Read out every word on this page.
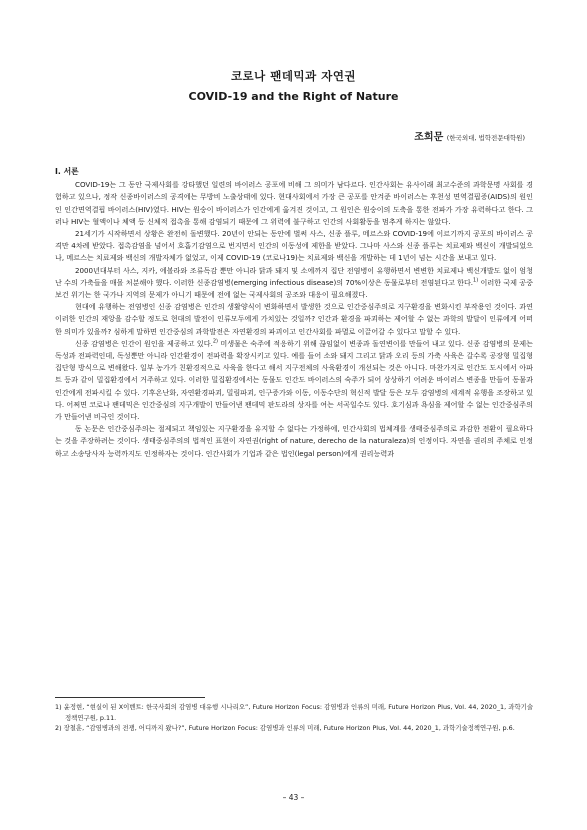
코로나 팬데믹과 자연권
COVID-19 and the Right of Nature
조희문 (한국외대, 법학전문대학원)
I. 서론

COVID-19는 그 동안 국제사회를 강타했던 일련의 바이러스 공포에 비해 그 의미가 남다르다. 인간사회는 유사이래 최고수준의 과학문명 사회를 경험하고 있으나, 정작 신종바이러스의 공격에는 무방비 노출상태에 있다. 현대사회에서 가장 큰 공포를 안겨준 바이러스는 후천성 면역결핍증(AIDS)의 원인인 인간면역결핍 바이러스(HIV)였다. HIV는 원숭이 바이러스가 인간에게 옮겨진 것이고, 그 원인은 원숭이의 도축을 통한 전파가 가장 유력하다고 한다. 그러나 HIV는 혈액이나 체액 등 신체적 접촉을 통해 감염되기 때문에 그 위력에 불구하고 인간의 사회활동을 멈추게 하지는 않았다.

21세기가 시작하면서 상황은 완전히 돌변했다. 20년이 안되는 동안에 벌써 사스, 신종 플루, 메르스와 COVID-19에 이르기까지 공포의 바이러스 공격만 4차례 받았다. 접촉감염을 넘어서 호흡기감염으로 번지면서 인간의 이동성에 제한을 받았다. 그나마 사스와 신종 플루는 치료제와 백신이 개발되었으나, 메르스는 치료제와 백신의 개발자체가 없었고, 이제 COVID-19 (코로나19)는 치료제와 백신을 개발하는 데 1년이 넘는 시간을 보내고 있다.

2000년대부터 사스, 지카, 에볼라와 조류독감 뿐만 아니라 닭과 돼지 및 소에까지 집단 전염병이 유행하면서 변변한 치료제나 백신개발도 없이 엄청난 수의 가축들을 매몰 처분해야 했다. 이러한 신종감염병(emerging infectious disease)의 70%이상은 동물로부터 전염된다고 한다.$^{1)}$ 이러한 국제 공중보건 위기는 한 국가나 지역의 문제가 아니기 때문에 전에 없는 국제사회의 공조와 대응이 필요해졌다.

현대에 유행하는 전염병인 신종 감염병은 인간의 생활양식이 변화하면서 발생한 것으로 인간중심주의로 지구환경을 변화시킨 부작용인 것이다. 과연 이러한 인간의 재앙을 감수할 정도로 현대의 발전이 인류모두에게 가치있는 것일까? 인간과 환경을 파괴하는 제어할 수 없는 과학의 발달이 인류에게 어떠한 의미가 있을까? 심하게 말하면 인간중심의 과학발전은 자연환경의 파괴이고 인간사회를 파멸로 이끌어갈 수 있다고 말할 수 있다.

신종 감염병은 인간이 원인을 제공하고 있다.$^{2)}$ 미생물은 숙주에 적응하기 위해 끊임없이 변종과 돌연변이를 만들어 내고 있다. 신종 감염병의 문제는 독성과 전파력인데, 독성뿐만 아니라 인간환경이 전파력을 확장시키고 있다. 예를 들어 소와 돼지 그리고 닭과 오리 등의 가축 사육은 갈수록 공장형 밀집형 집단형 방식으로 변해왔다. 일부 농가가 친환경적으로 사육을 한다고 해서 지구전체의 사육환경이 개선되는 것은 아니다. 마찬가지로 인간도 도시에서 아파트 등과 같이 밀집환경에서 거주하고 있다. 이러한 밀집환경에서는 동물도 인간도 바이러스의 숙주가 되어 상상하기 어려운 바이러스 변종을 만들어 동물과 인간에게 전파시킬 수 있다. 기후온난화, 자연환경파괴, 밀림파괴, 인구증가와 이동, 이동수단의 혁신적 발달 등은 모두 감염병의 세계적 유행을 조장하고 있다. 어쩌면 코로나 팬데믹은 인간중심의 지구개발이 만들어낸 팬데믹 판도라의 상자를 여는 서곡일수도 있다. 호기심과 욕심을 제어할 수 없는 인간중심주의가 만들어낸 비극인 것이다.

동 논문은 인간중심주의는 절제되고 책임있는 지구환경을 유지할 수 없다는 가정하에, 인간사회의 법체계를 생태중심주의로 과감한 전환이 필요하다는 것을 주장하려는 것이다. 생태중심주의의 법적인 표현이 자연권(right of nature, derecho de la naturaleza)의 인정이다. 자연을 권리의 주체로 인정하고 소송당사자 능력까지도 인정하자는 것이다. 인간사회가 기업과 같은 법인(legal person)에게 권리능력과

1) 윤정현, “현실이 된 X이벤트: 한국사회의 감염병 대유행 시나리오”, Future Horizon Focus: 감염병과 인류의 미래, Future Horizon Plus, Vol. 44, 2020_1, 과학기술정책연구원, p.11.

2) 장철훈, “감염병과의 전쟁, 어디까지 왔나?”, Future Horizon Focus: 감염병과 인류의 미래, Future Horizon Plus, Vol. 44, 2020_1, 과학기술정책연구원, p.6.

– 43 –
